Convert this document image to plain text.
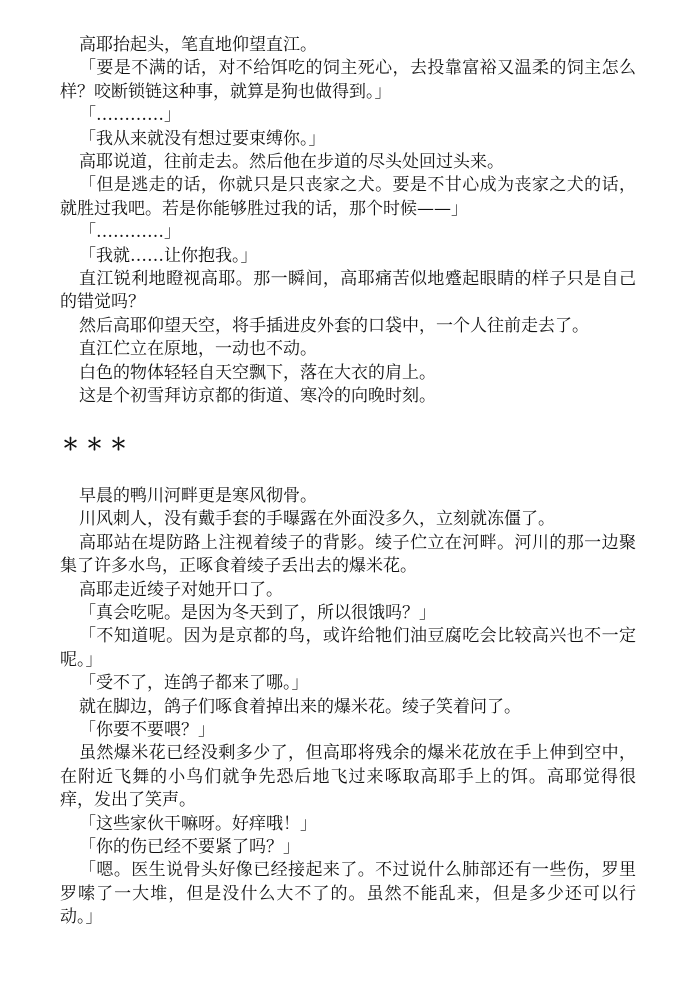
高耶抬起头，笔直地仰望直江。

「要是不满的话，对不给饵吃的饲主死心，去投靠富裕又温柔的饲主怎么样？咬断锁链这种事，就算是狗也做得到。」

「…………」

「我从来就没有想过要束缚你。」

高耶说道，往前走去。然后他在步道的尽头处回过头来。

「但是逃走的话，你就只是只丧家之犬。要是不甘心成为丧家之犬的话，就胜过我吧。若是你能够胜过我的话，那个时候——」

「…………」

「我就……让你抱我。」

直江锐利地瞪视高耶。那一瞬间，高耶痛苦似地蹙起眼睛的样子只是自己的错觉吗？

然后高耶仰望天空，将手插进皮外套的口袋中，一个人往前走去了。

直江伫立在原地，一动也不动。

白色的物体轻轻自天空飘下，落在大衣的肩上。

这是个初雪拜访京都的街道、寒冷的向晚时刻。

＊＊＊

早晨的鸭川河畔更是寒风彻骨。

川风刺人，没有戴手套的手曝露在外面没多久，立刻就冻僵了。

高耶站在堤防路上注视着绫子的背影。绫子伫立在河畔。河川的那一边聚集了许多水鸟，正啄食着绫子丢出去的爆米花。

高耶走近绫子对她开口了。

「真会吃呢。是因为冬天到了，所以很饿吗？」

「不知道呢。因为是京都的鸟，或许给牠们油豆腐吃会比较高兴也不一定呢。」

「受不了，连鸽子都来了哪。」

就在脚边，鸽子们啄食着掉出来的爆米花。绫子笑着问了。

「你要不要喂？」

虽然爆米花已经没剩多少了，但高耶将残余的爆米花放在手上伸到空中，在附近飞舞的小鸟们就争先恐后地飞过来啄取高耶手上的饵。高耶觉得很痒，发出了笑声。

「这些家伙干嘛呀。好痒哦！」

「你的伤已经不要紧了吗？」

「嗯。医生说骨头好像已经接起来了。不过说什么肺部还有一些伤，罗里罗嗦了一大堆，但是没什么大不了的。虽然不能乱来，但是多少还可以行动。」
